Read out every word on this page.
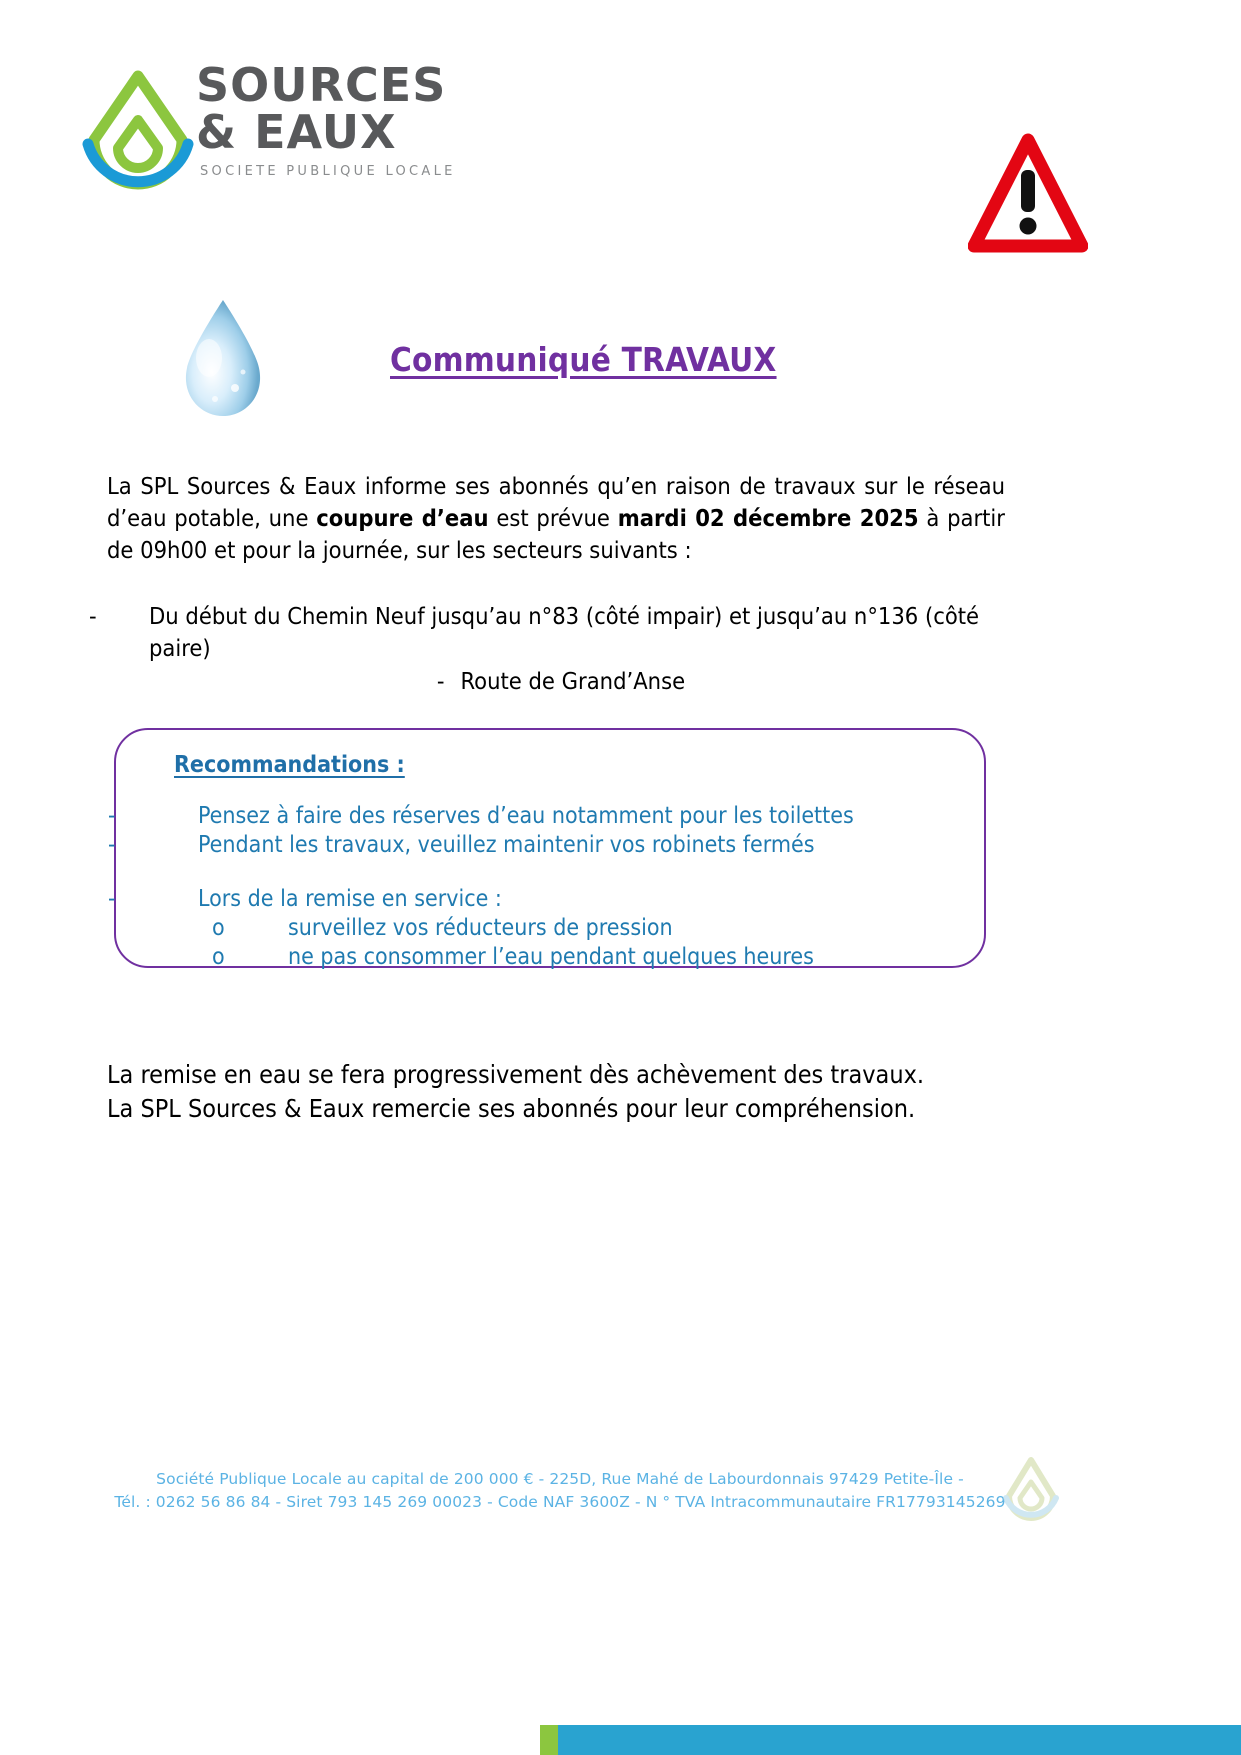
SOURCES
& EAUX
SOCIETE PUBLIQUE LOCALE
Communiqué TRAVAUX
La SPL Sources & Eaux informe ses abonnés qu’en raison de travaux sur le réseau d’eau potable, une coupure d’eau est prévue mardi 02 décembre 2025 à partir de 09h00 et pour la journée, sur les secteurs suivants :
- Du début du Chemin Neuf jusqu’au n°83 (côté impair) et jusqu’au n°136 (côté paire)
- Route de Grand’Anse
Recommandations :
-	Pensez à faire des réserves d’eau notamment pour les toilettes
-	Pendant les travaux, veuillez maintenir vos robinets fermés
-	Lors de la remise en service :
o	surveillez vos réducteurs de pression
o	ne pas consommer l’eau pendant quelques heures
La remise en eau se fera progressivement dès achèvement des travaux.
La SPL Sources & Eaux remercie ses abonnés pour leur compréhension.
Société Publique Locale au capital de 200 000 € - 225D, Rue Mahé de Labourdonnais 97429 Petite-Île -
Tél. : 0262 56 86 84 - Siret 793 145 269 00023 - Code NAF 3600Z - N ° TVA Intracommunautaire FR17793145269
